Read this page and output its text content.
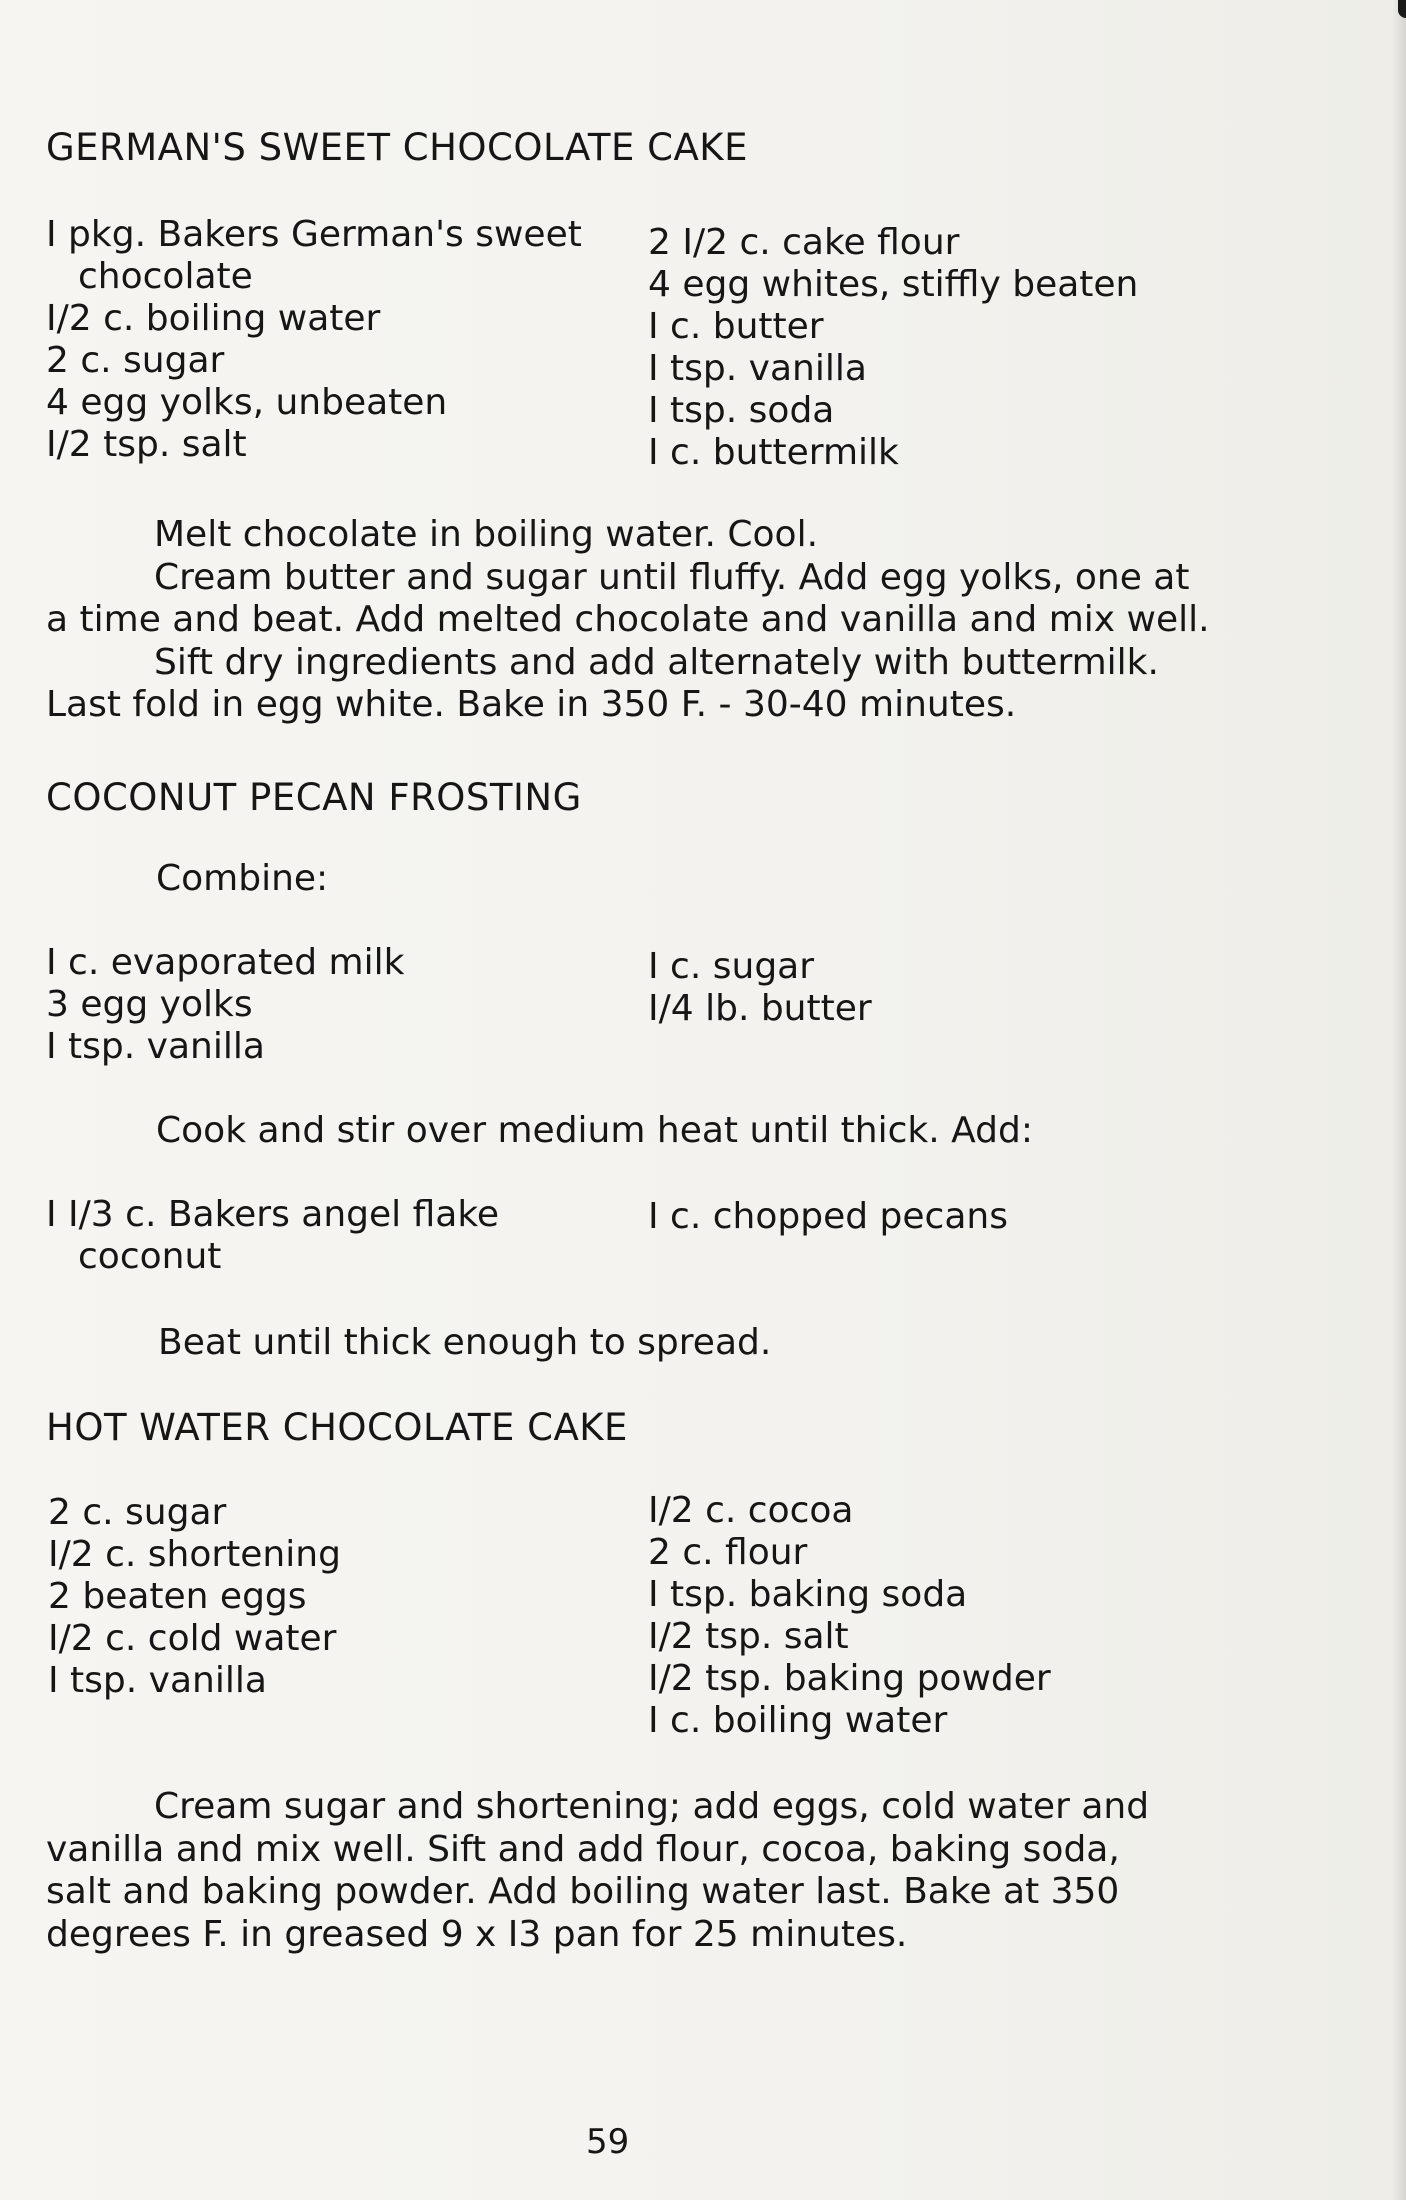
GERMAN'S SWEET CHOCOLATE CAKE
I pkg. Bakers German's sweet
chocolate
I/2 c. boiling water
2 c. sugar
4 egg yolks, unbeaten
I/2 tsp. salt
2 I/2 c. cake flour
4 egg whites, stiffly beaten
I c. butter
I tsp. vanilla
I tsp. soda
I c. buttermilk
Melt chocolate in boiling water. Cool.
Cream butter and sugar until fluffy. Add egg yolks, one at
a time and beat. Add melted chocolate and vanilla and mix well.
Sift dry ingredients and add alternately with buttermilk.
Last fold in egg white. Bake in 350 F. - 30-40 minutes.
COCONUT PECAN FROSTING
Combine:
I c. evaporated milk
3 egg yolks
I tsp. vanilla
I c. sugar
I/4 lb. butter
Cook and stir over medium heat until thick. Add:
I I/3 c. Bakers angel flake
coconut
I c. chopped pecans
Beat until thick enough to spread.
HOT WATER CHOCOLATE CAKE
2 c. sugar
I/2 c. shortening
2 beaten eggs
I/2 c. cold water
I tsp. vanilla
I/2 c. cocoa
2 c. flour
I tsp. baking soda
I/2 tsp. salt
I/2 tsp. baking powder
I c. boiling water
Cream sugar and shortening; add eggs, cold water and
vanilla and mix well. Sift and add flour, cocoa, baking soda,
salt and baking powder. Add boiling water last. Bake at 350
degrees F. in greased 9 x I3 pan for 25 minutes.
59
